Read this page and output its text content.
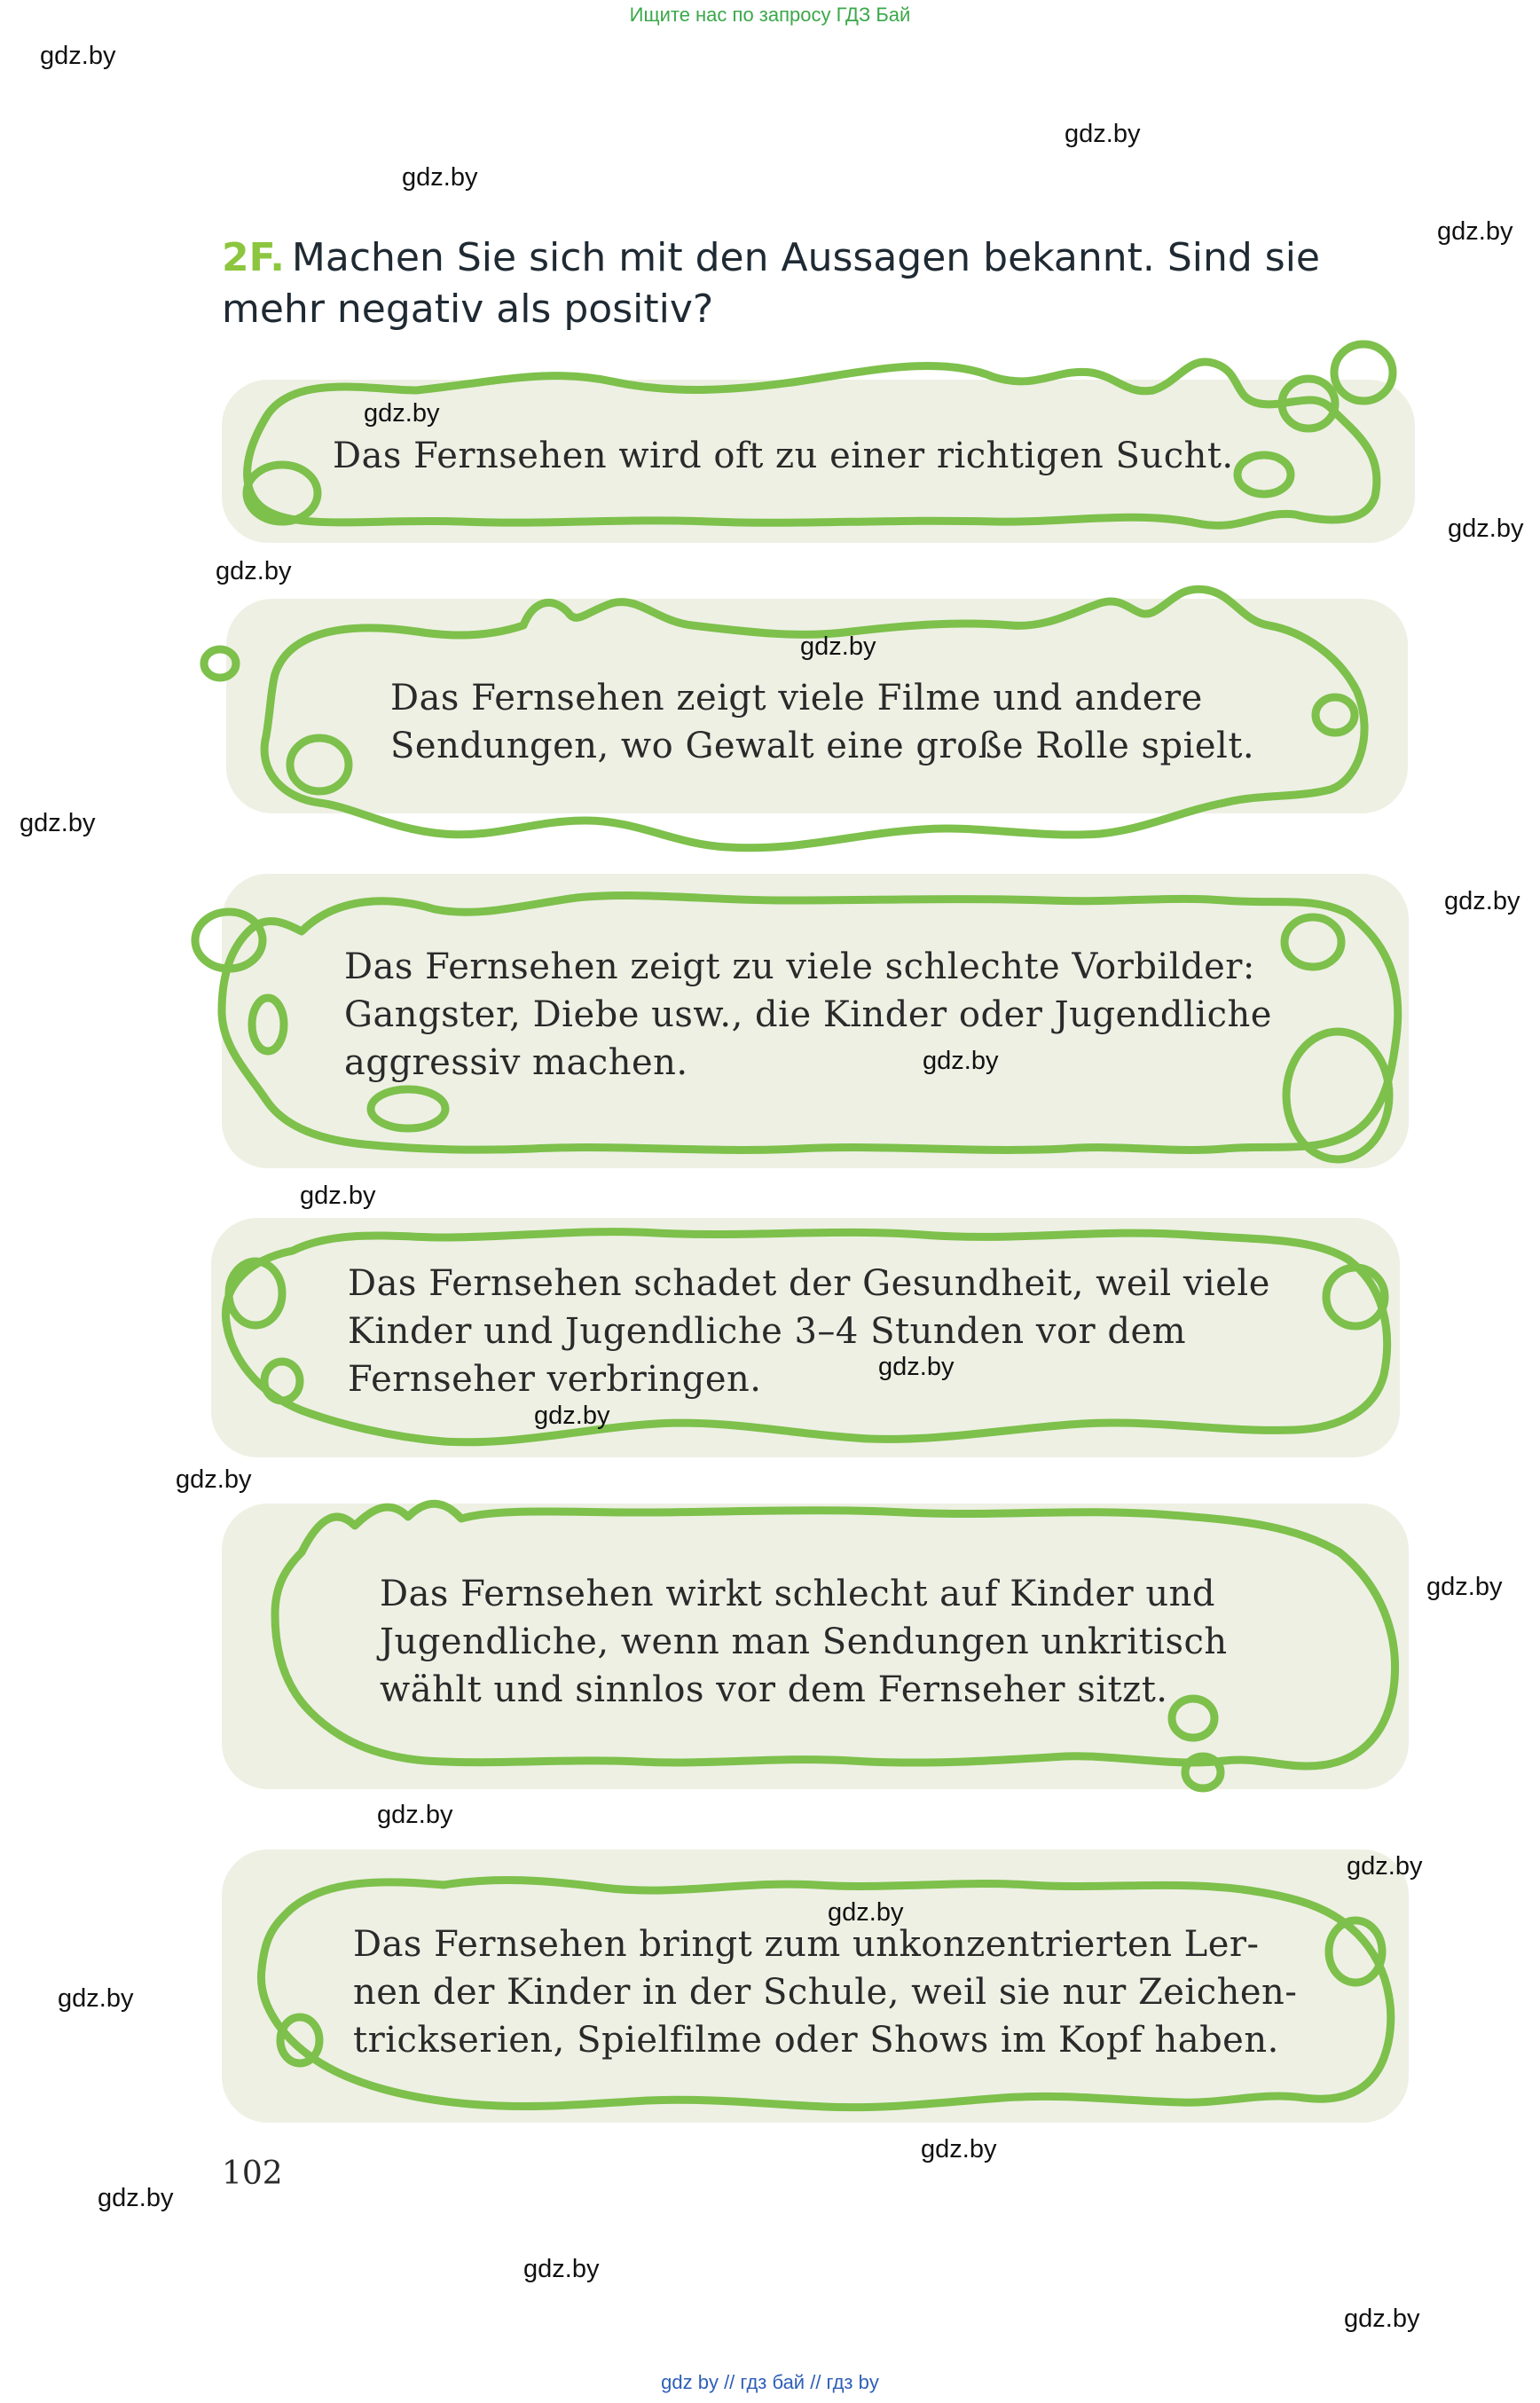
Ищите нас по запросу ГДЗ Бай
2F. Machen Sie sich mit den Aussagen bekannt. Sind sie mehr negativ als positiv?
Das Fernsehen wird oft zu einer richtigen Sucht.
Das Fernsehen zeigt viele Filme und andere
Sendungen, wo Gewalt eine große Rolle spielt.
Das Fernsehen zeigt zu viele schlechte Vorbilder:
Gangster, Diebe usw., die Kinder oder Jugendliche
aggressiv machen.
Das Fernsehen schadet der Gesundheit, weil viele
Kinder und Jugendliche 3–4 Stunden vor dem
Fernseher verbringen.
Das Fernsehen wirkt schlecht auf Kinder und
Jugendliche, wenn man Sendungen unkritisch
wählt und sinnlos vor dem Fernseher sitzt.
Das Fernsehen bringt zum unkonzentrierten Ler-
nen der Kinder in der Schule, weil sie nur Zeichen-
trickserien, Spielfilme oder Shows im Kopf haben.
102
gdz.by
gdz.by
gdz.by
gdz.by
gdz.by
gdz.by
gdz.by
gdz.by
gdz.by
gdz.by
gdz.by
gdz.by
gdz.by
gdz.by
gdz.by
gdz.by
gdz.by
gdz.by
gdz.by
gdz.by
gdz.by
gdz.by
gdz.by
gdz.by
gdz by // гдз бай // гдз by
